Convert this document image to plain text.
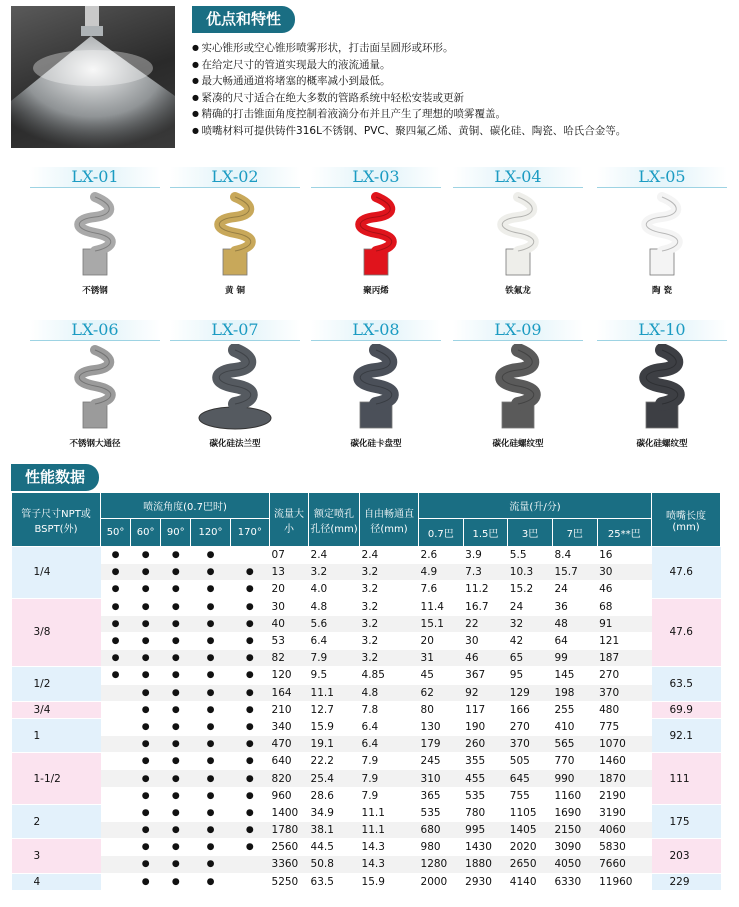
优点和特性
● 实心锥形或空心锥形喷雾形状，打击面呈圆形或环形。
● 在给定尺寸的管道实现最大的液流通量。
● 最大畅通通道将堵塞的概率减小到最低。
● 紧凑的尺寸适合在绝大多数的管路系统中轻松安装或更新
● 精确的打击锥面角度控制着液滴分布并且产生了理想的喷雾覆盖。
● 喷嘴材料可提供铸件316L不锈钢、PVC、聚四氟乙烯、黄铜、碳化硅、陶瓷、哈氏合金等。
LX-01
不锈钢
LX-02
黄 铜
LX-03
聚丙烯
LX-04
铁氟龙
LX-05
陶 瓷
LX-06
不锈钢大通径
LX-07
碳化硅法兰型
LX-08
碳化硅卡盘型
LX-09
碳化硅螺纹型
LX-10
碳化硅螺纹型
性能数据
管子尺寸NPT或BSPT(外)	喷流角度(0.7巴时)					流量大小	额定喷孔孔径(mm)	自由畅通直径(mm)	流量(升/分)					喷嘴长度(mm)
	50°	60°	90°	120°	170°				0.7巴	1.5巴	3巴	7巴	25**巴	
1/4	●	●	●	●		07	2.4	2.4	2.6	3.9	5.5	8.4	16	47.6
	●	●	●	●	●	13	3.2	3.2	4.9	7.3	10.3	15.7	30	
	●	●	●	●	●	20	4.0	3.2	7.6	11.2	15.2	24	46	
3/8	●	●	●	●	●	30	4.8	3.2	11.4	16.7	24	36	68	47.6
	●	●	●	●	●	40	5.6	3.2	15.1	22	32	48	91	
	●	●	●	●	●	53	6.4	3.2	20	30	42	64	121	
	●	●	●	●	●	82	7.9	3.2	31	46	65	99	187	
1/2	●	●	●	●	●	120	9.5	4.85	45	367	95	145	270	63.5
		●	●	●	●	164	11.1	4.8	62	92	129	198	370	
3/4		●	●	●	●	210	12.7	7.8	80	117	166	255	480	69.9
1		●	●	●	●	340	15.9	6.4	130	190	270	410	775	92.1
		●	●	●	●	470	19.1	6.4	179	260	370	565	1070	
1-1/2		●	●	●	●	640	22.2	7.9	245	355	505	770	1460	111
		●	●	●	●	820	25.4	7.9	310	455	645	990	1870	
		●	●	●	●	960	28.6	7.9	365	535	755	1160	2190	
2		●	●	●	●	1400	34.9	11.1	535	780	1105	1690	3190	175
		●	●	●	●	1780	38.1	11.1	680	995	1405	2150	4060	
3		●	●	●	●	2560	44.5	14.3	980	1430	2020	3090	5830	203
		●	●	●		3360	50.8	14.3	1280	1880	2650	4050	7660	
4		●	●	●		5250	63.5	15.9	2000	2930	4140	6330	11960	229
